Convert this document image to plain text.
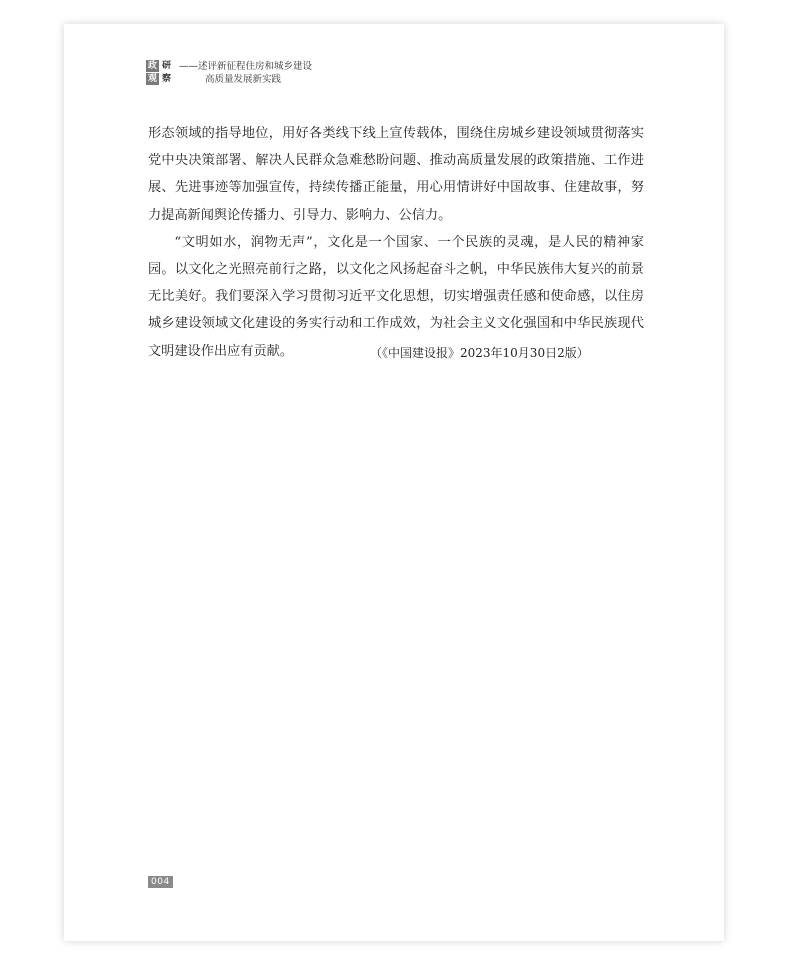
政 研
观 察
——述评新征程住房和城乡建设
高质量发展新实践

形态领域的指导地位，用好各类线下线上宣传载体，围绕住房城乡建设领域贯彻落实党中央决策部署、解决人民群众急难愁盼问题、推动高质量发展的政策措施、工作进展、先进事迹等加强宣传，持续传播正能量，用心用情讲好中国故事、住建故事，努力提高新闻舆论传播力、引导力、影响力、公信力。

“文明如水，润物无声”，文化是一个国家、一个民族的灵魂，是人民的精神家园。以文化之光照亮前行之路，以文化之风扬起奋斗之帆，中华民族伟大复兴的前景无比美好。我们要深入学习贯彻习近平文化思想，切实增强责任感和使命感，以住房城乡建设领域文化建设的务实行动和工作成效，为社会主义文化强国和中华民族现代文明建设作出应有贡献。	（《中国建设报》2023年10月30日2版）
004
